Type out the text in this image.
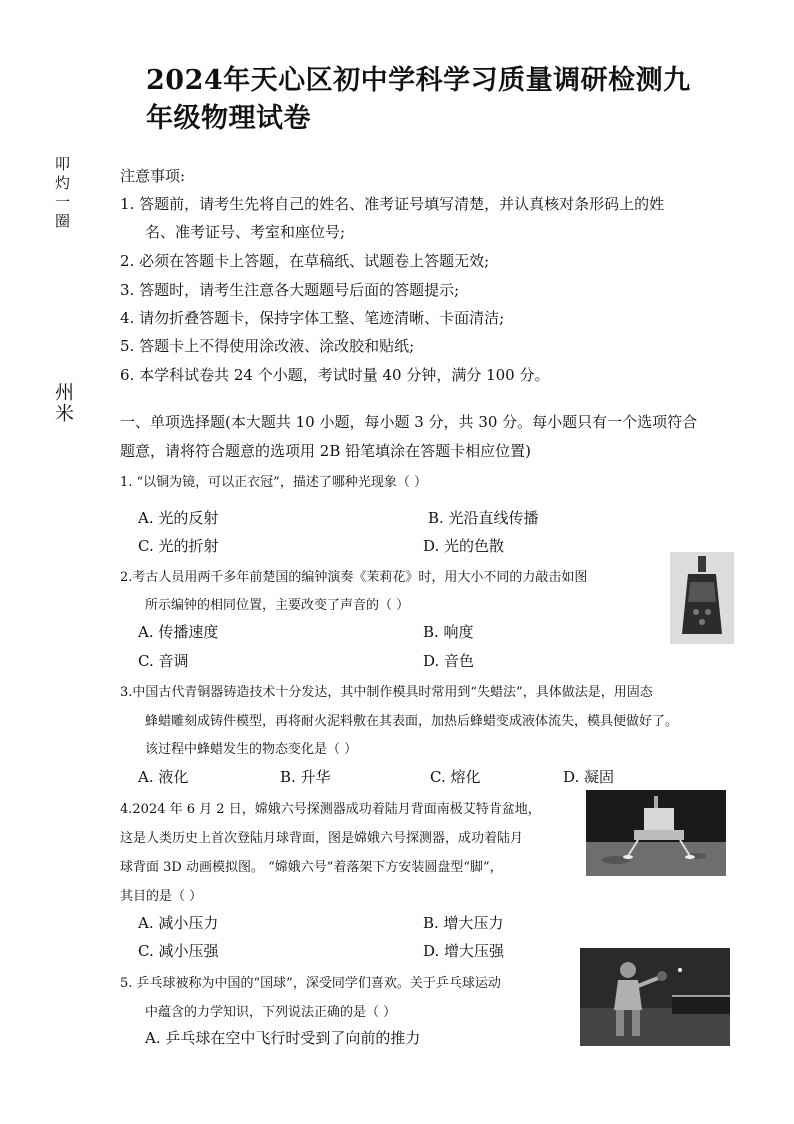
2024年天心区初中学科学习质量调研检测九
年级物理试卷
叩灼一圈
州米
注意事项:
1. 答题前，请考生先将自己的姓名、准考证号填写清楚，并认真核对条形码上的姓
名、准考证号、考室和座位号;
2. 必须在答题卡上答题，在草稿纸、试题卷上答题无效;
3. 答题时，请考生注意各大题题号后面的答题提示;
4. 请勿折叠答题卡，保持字体工整、笔迹清晰、卡面清洁;
5. 答题卡上不得使用涂改液、涂改胶和贴纸;
6. 本学科试卷共 24 个小题，考试时量 40 分钟，满分 100 分。
一、单项选择题(本大题共 10 小题，每小题 3 分，共 30 分。每小题只有一个选项符合
题意，请将符合题意的选项用 2B 铅笔填涂在答题卡相应位置)
1. “以铜为镜，可以正衣冠”，描述了哪种光现象（ ）
A. 光的反射	B. 光沿直线传播
C. 光的折射	D. 光的色散
2.考古人员用两千多年前楚国的编钟演奏《茉莉花》时，用大小不同的力敲击如图
所示编钟的相同位置，主要改变了声音的（ ）
A. 传播速度	B. 响度
C. 音调	D. 音色
3.中国古代青铜器铸造技术十分发达，其中制作模具时常用到“失蜡法”，具体做法是，用固态
蜂蜡雕刻成铸件模型，再将耐火泥料敷在其表面，加热后蜂蜡变成液体流失，模具便做好了。
该过程中蜂蜡发生的物态变化是（ ）
A. 液化	B. 升华	C. 熔化	D. 凝固
4.2024 年 6 月 2 日，嫦娥六号探测器成功着陆月背面南极艾特肯盆地，
这是人类历史上首次登陆月球背面，图是嫦娥六号探测器，成功着陆月
球背面 3D 动画模拟图。 “嫦娥六号”着落架下方安装圆盘型“脚”，
其目的是（ ）
A. 减小压力	B. 增大压力
C. 减小压强	D. 增大压强
5. 乒乓球被称为中国的“国球”，深受同学们喜欢。关于乒乓球运动
中蕴含的力学知识，下列说法正确的是（ ）
A. 乒乓球在空中飞行时受到了向前的推力
